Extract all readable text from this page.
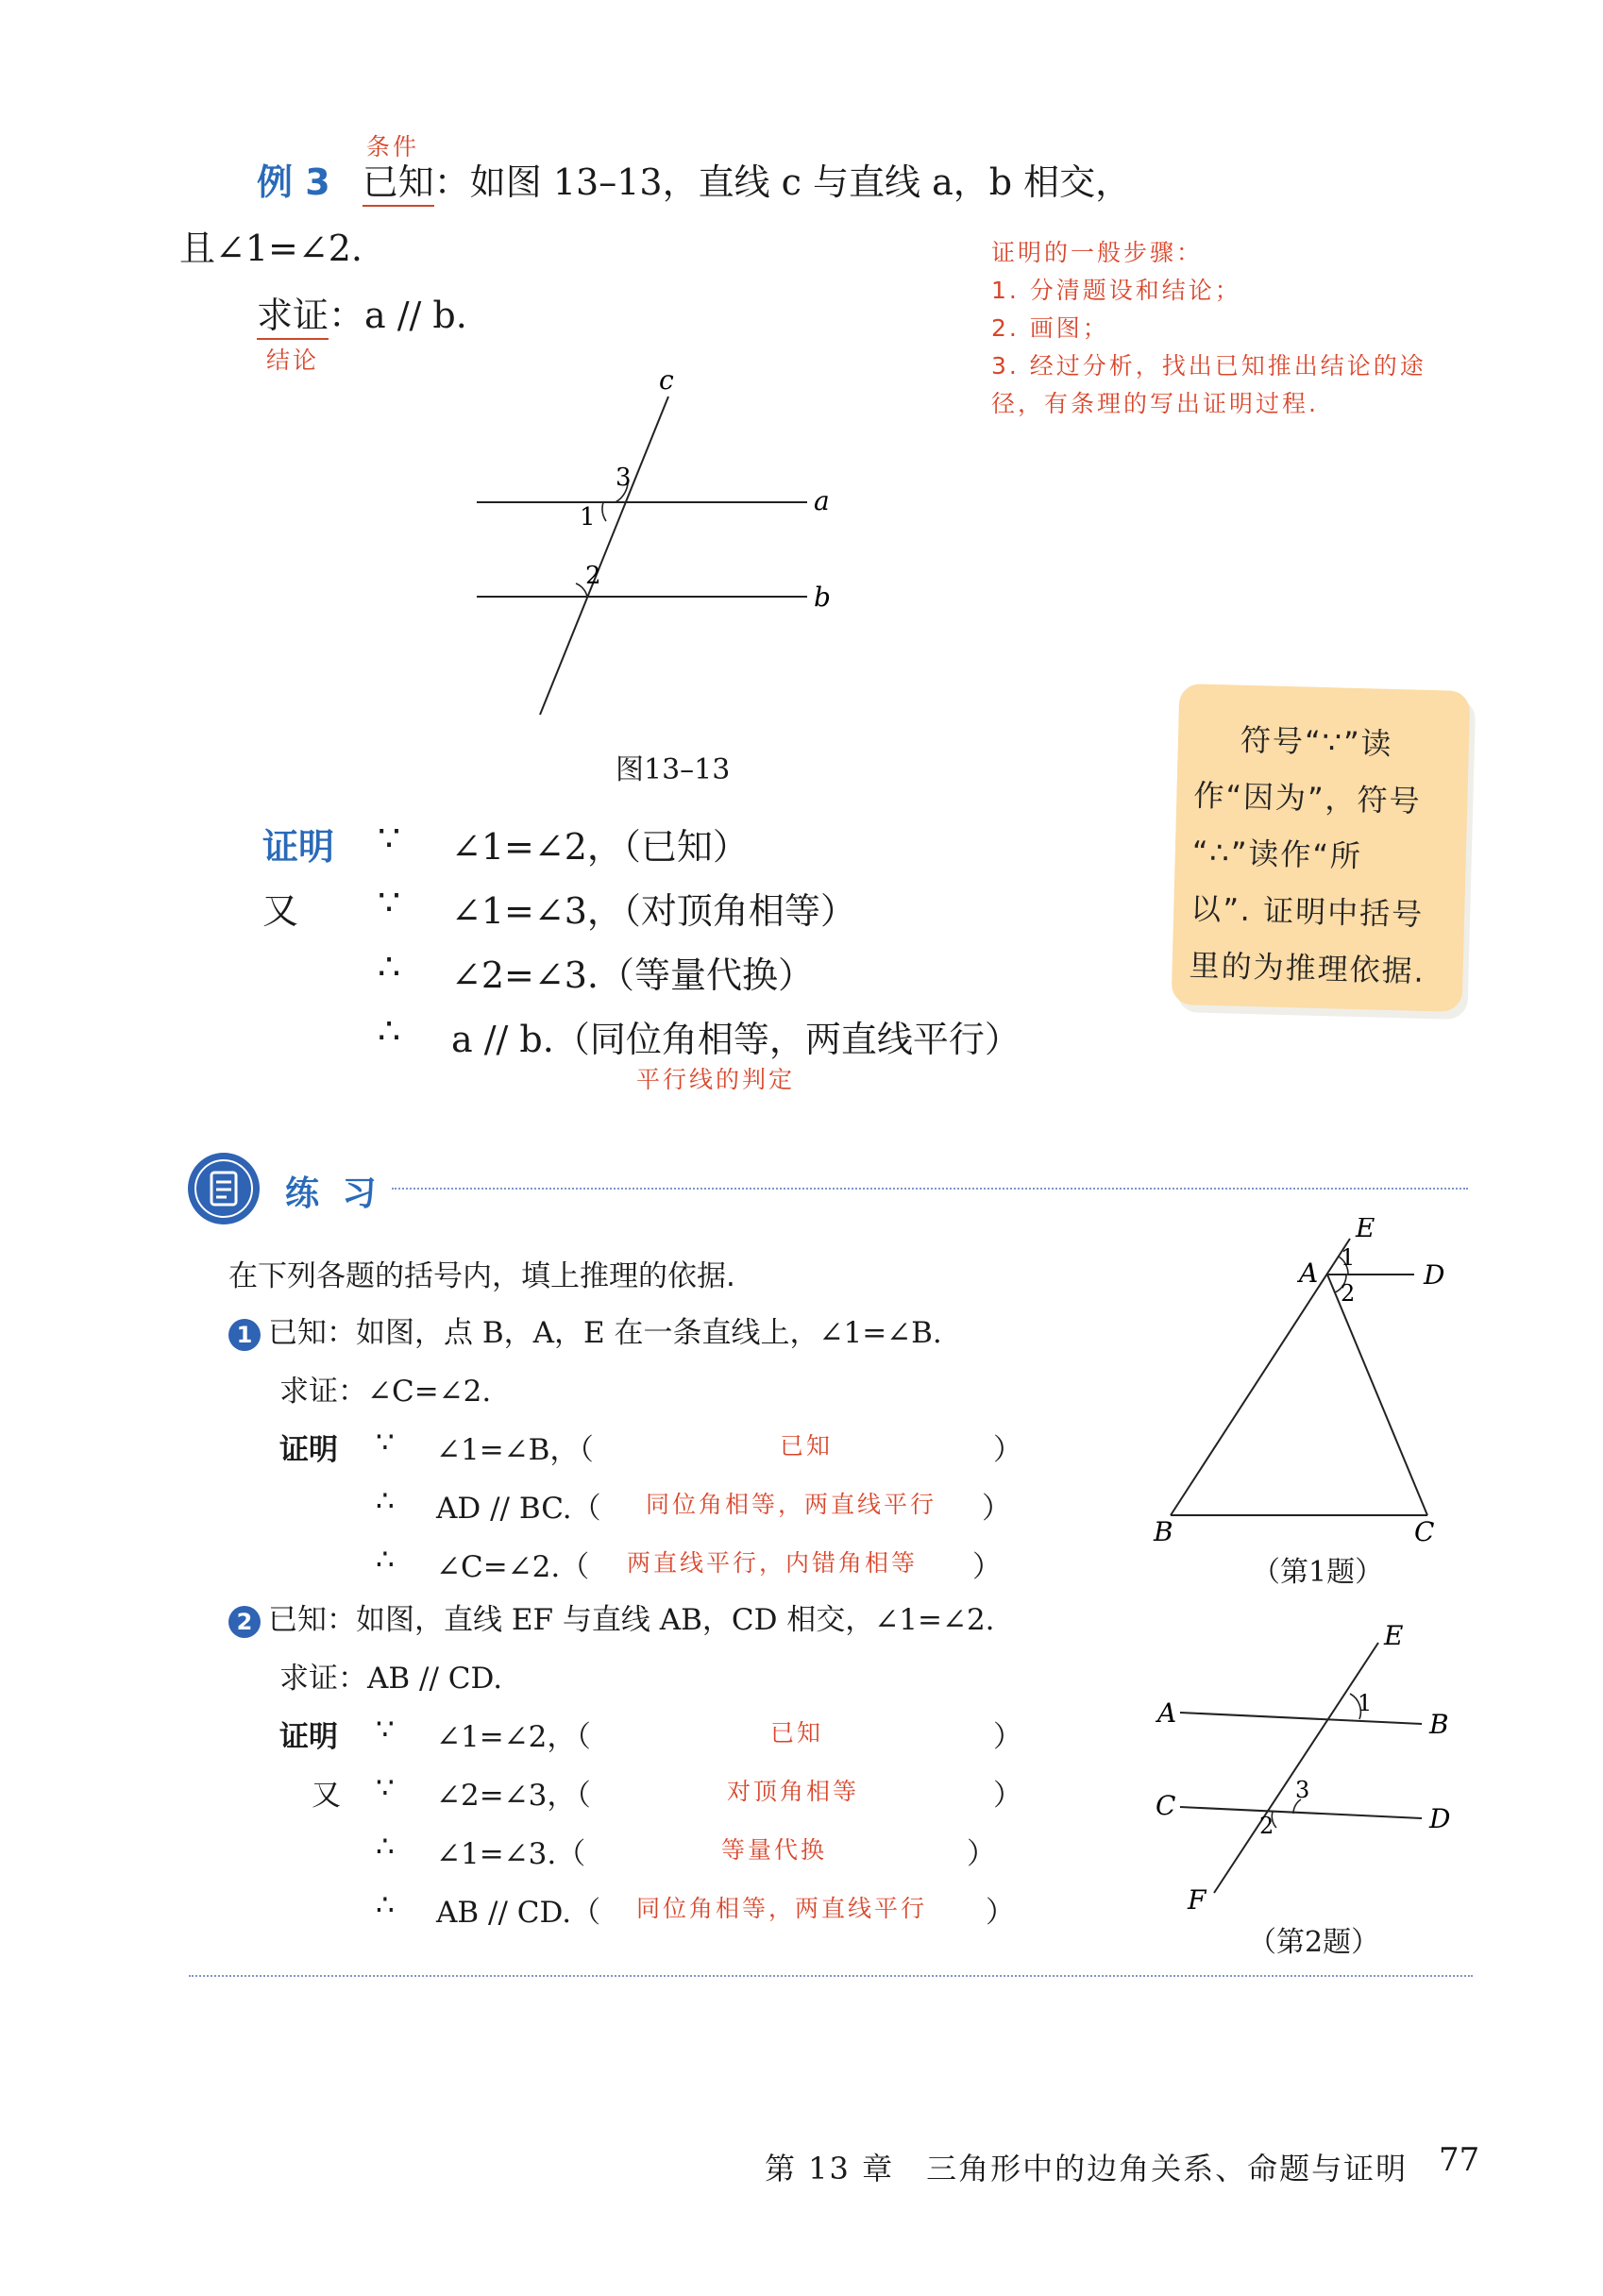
条件
例 3 已知：如图 13–13，直线 c 与直线 a，b 相交，
且∠1=∠2.
求证：a // b.
结论
证明的一般步骤：
1. 分清题设和结论；
2. 画图；
3. 经过分析，找出已知推出结论的途
径，有条理的写出证明过程.
c
a
b
3
1
2
图13–13
证明 ∵ ∠1=∠2，（已知）
又 ∵ ∠1=∠3，（对顶角相等）
∴ ∠2=∠3.（等量代换）
∴ a // b.（同位角相等，两直线平行）
平行线的判定
符号“∵”读
作“因为”，符号
“∴”读作“所
以”. 证明中括号
里的为推理依据.
练 习
在下列各题的括号内，填上推理的依据.
1 已知：如图，点 B，A，E 在一条直线上，∠1=∠B.
求证：∠C=∠2.
证明 ∵ ∠1=∠B，（	已知	）
∴ AD // BC.（ 同位角相等，两直线平行 ）
∴ ∠C=∠2.（ 两直线平行，内错角相等 ）
E
A	D
B	C
1
2
（第1题）
2 已知：如图，直线 EF 与直线 AB，CD 相交，∠1=∠2.
求证：AB // CD.
证明 ∵ ∠1=∠2，（	已知	）
又 ∵ ∠2=∠3，（	对顶角相等	）
∴ ∠1=∠3.（	等量代换	）
∴ AB // CD.（ 同位角相等，两直线平行 ）
E
A	B
C	D
F
1
3
2
（第2题）
第 13 章　三角形中的边角关系、命题与证明 77
